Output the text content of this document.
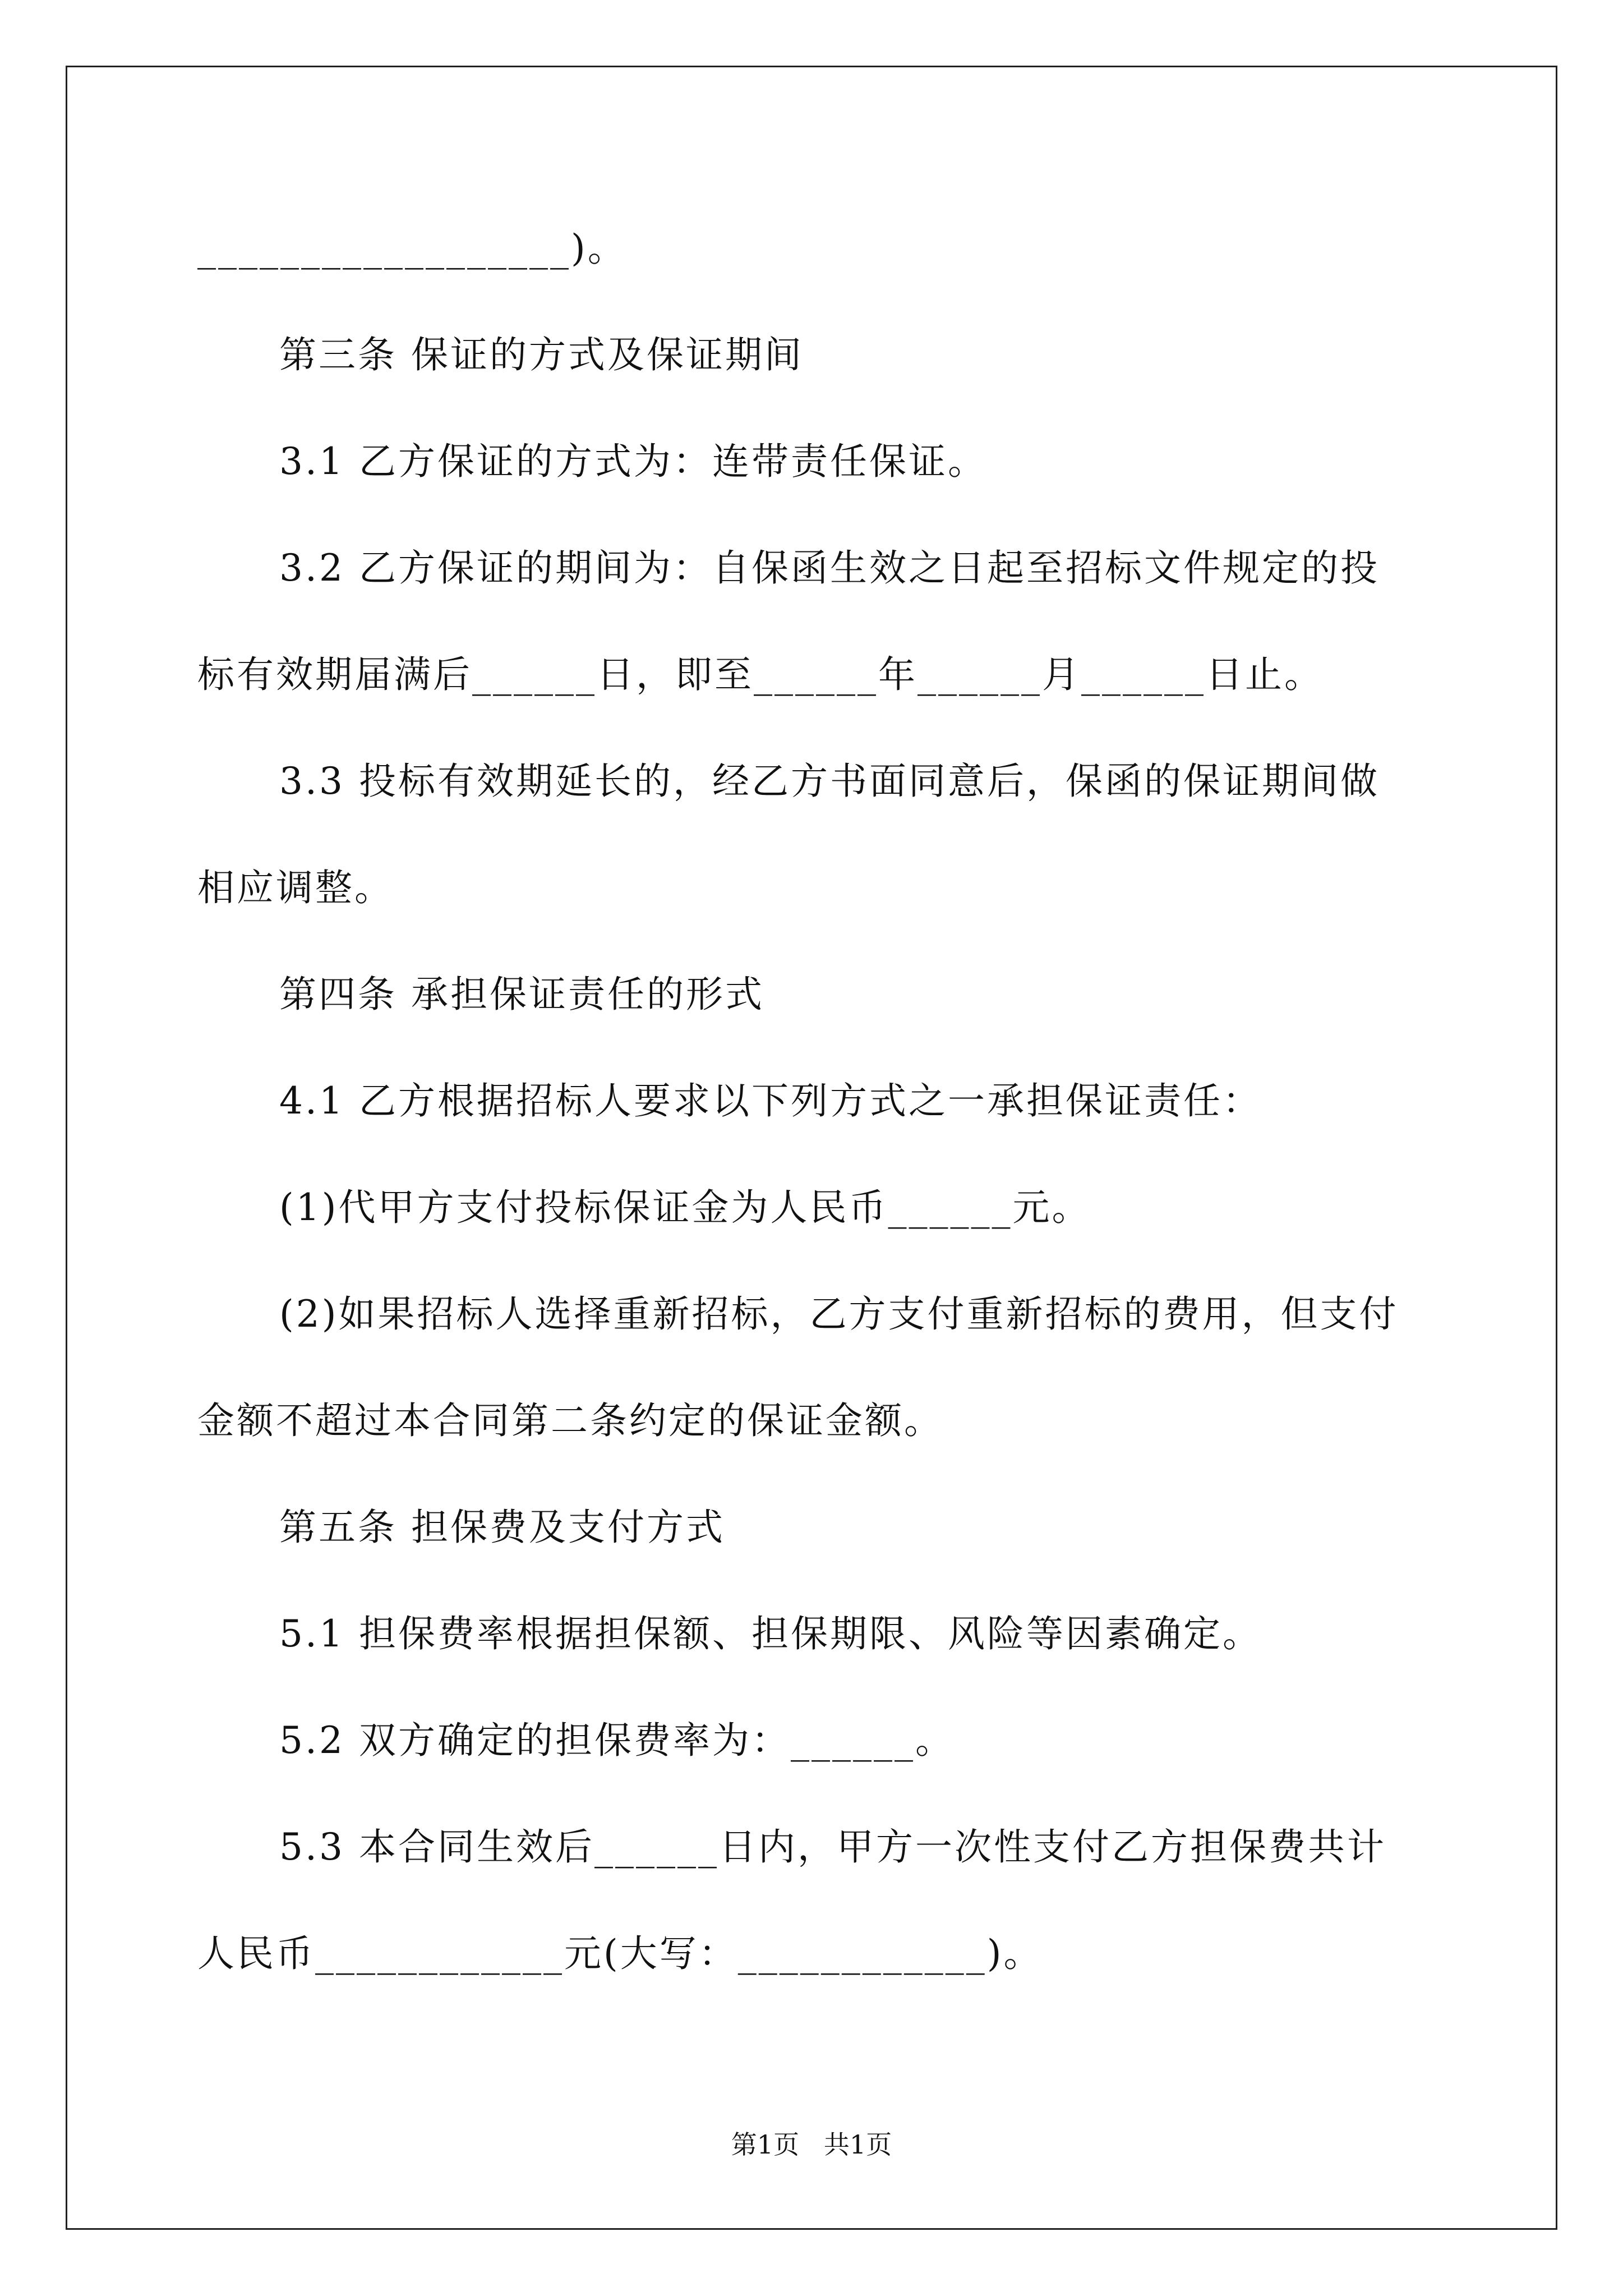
__________________)。
第三条 保证的方式及保证期间
3.1 乙方保证的方式为：连带责任保证。
3.2 乙方保证的期间为：自保函生效之日起至招标文件规定的投
标有效期届满后______日，即至______年______月______日止。
3.3 投标有效期延长的，经乙方书面同意后，保函的保证期间做
相应调整。
第四条 承担保证责任的形式
4.1 乙方根据招标人要求以下列方式之一承担保证责任：
(1)代甲方支付投标保证金为人民币______元。
(2)如果招标人选择重新招标，乙方支付重新招标的费用，但支付
金额不超过本合同第二条约定的保证金额。
第五条 担保费及支付方式
5.1 担保费率根据担保额、担保期限、风险等因素确定。
5.2 双方确定的担保费率为：______。
5.3 本合同生效后______日内，甲方一次性支付乙方担保费共计
人民币____________元(大写：____________)。
第1页   共1页
